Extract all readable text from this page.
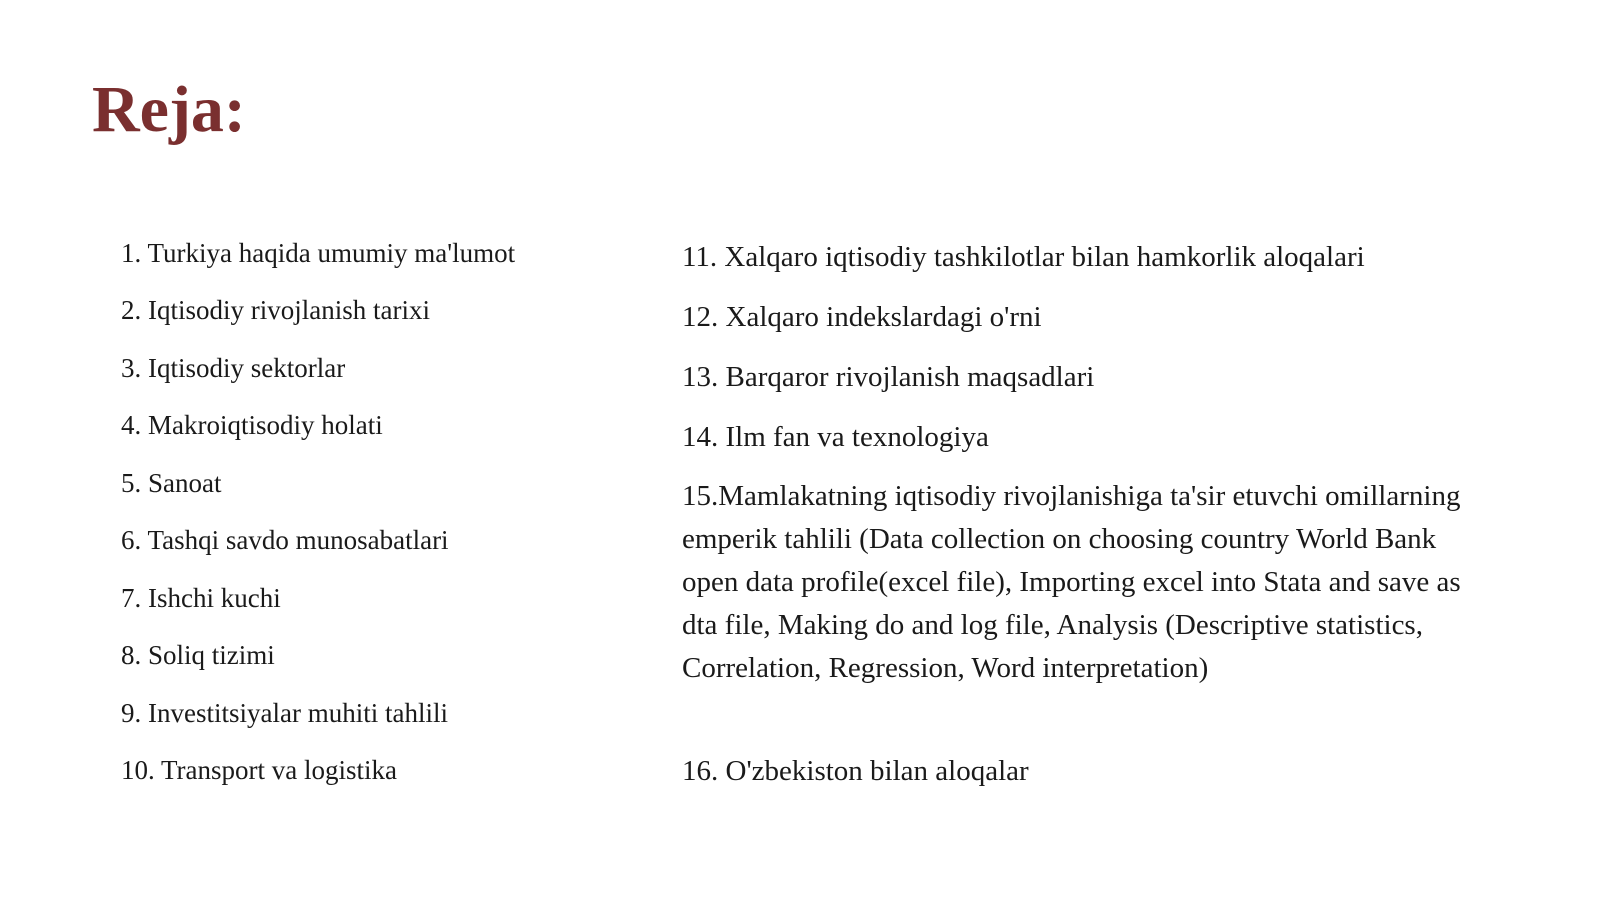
Reja:
1. Turkiya haqida umumiy ma'lumot
2. Iqtisodiy rivojlanish tarixi
3. Iqtisodiy sektorlar
4. Makroiqtisodiy holati
5. Sanoat
6. Tashqi savdo munosabatlari
7. Ishchi kuchi
8. Soliq tizimi
9. Investitsiyalar muhiti tahlili
10. Transport va logistika
11. Xalqaro iqtisodiy tashkilotlar bilan hamkorlik aloqalari
12. Xalqaro indekslardagi o'rni
13. Barqaror rivojlanish maqsadlari
14. Ilm fan va texnologiya
15.Mamlakatning iqtisodiy rivojlanishiga ta'sir etuvchi omillarning emperik tahlili (Data collection on choosing country World Bank open data profile(excel file), Importing excel into Stata and save as dta file, Making do and log file, Analysis (Descriptive statistics, Correlation, Regression, Word interpretation)
16. O'zbekiston bilan aloqalar
